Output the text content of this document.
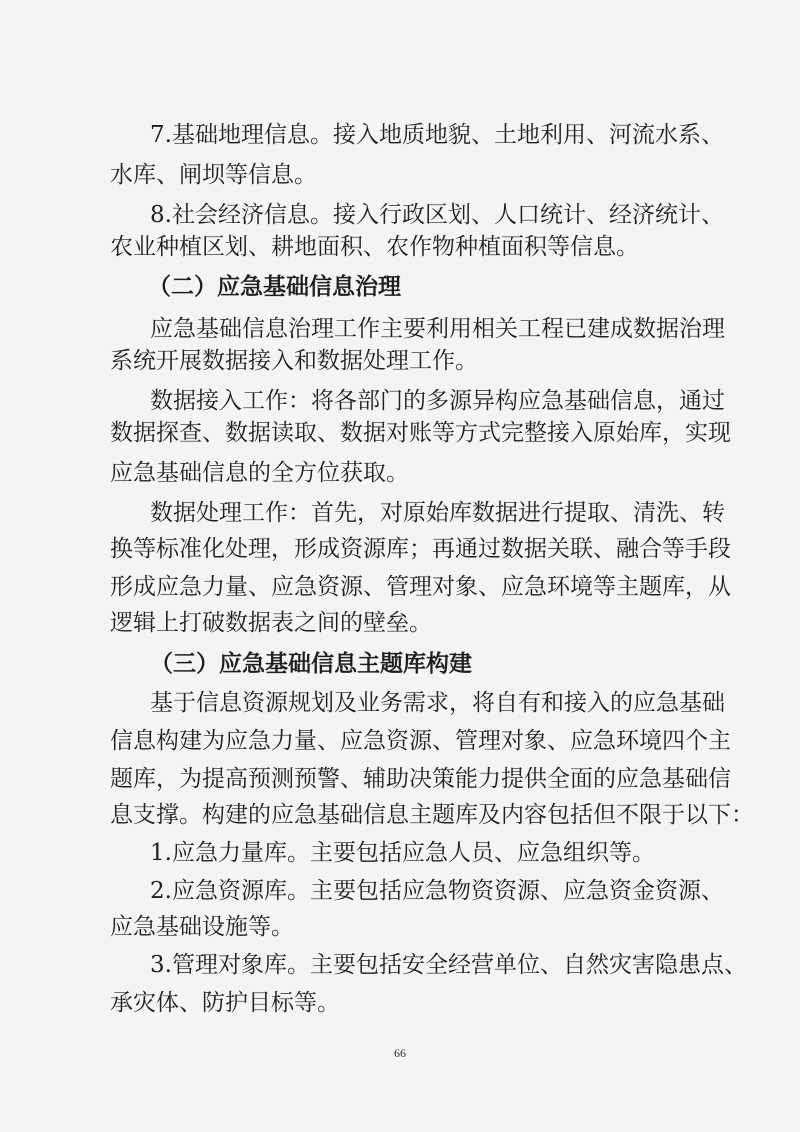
7.基础地理信息。接入地质地貌、土地利用、河流水系、
水库、闸坝等信息。
8.社会经济信息。接入行政区划、人口统计、经济统计、
农业种植区划、耕地面积、农作物种植面积等信息。
（二）应急基础信息治理
应急基础信息治理工作主要利用相关工程已建成数据治理
系统开展数据接入和数据处理工作。
数据接入工作：将各部门的多源异构应急基础信息，通过
数据探查、数据读取、数据对账等方式完整接入原始库，实现
应急基础信息的全方位获取。
数据处理工作：首先，对原始库数据进行提取、清洗、转
换等标准化处理，形成资源库；再通过数据关联、融合等手段
形成应急力量、应急资源、管理对象、应急环境等主题库，从
逻辑上打破数据表之间的壁垒。
（三）应急基础信息主题库构建
基于信息资源规划及业务需求，将自有和接入的应急基础
信息构建为应急力量、应急资源、管理对象、应急环境四个主
题库，为提高预测预警、辅助决策能力提供全面的应急基础信
息支撑。构建的应急基础信息主题库及内容包括但不限于以下：
1.应急力量库。主要包括应急人员、应急组织等。
2.应急资源库。主要包括应急物资资源、应急资金资源、
应急基础设施等。
3.管理对象库。主要包括安全经营单位、自然灾害隐患点、
承灾体、防护目标等。
66
